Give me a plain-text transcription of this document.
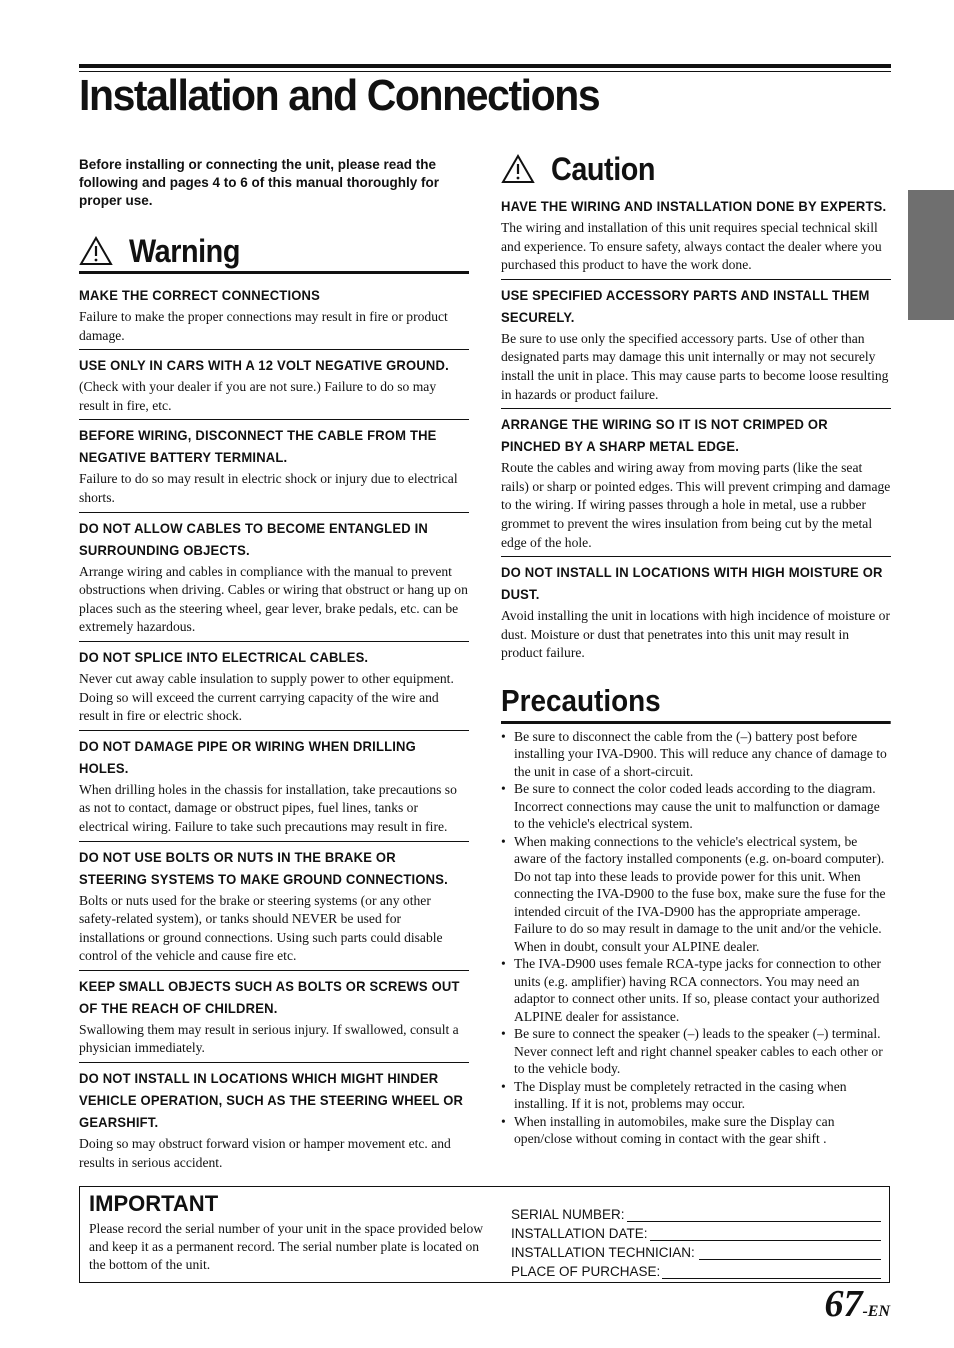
Installation and Connections

Before installing or connecting the unit, please read the following and pages 4 to 6 of this manual thoroughly for proper use.

Warning
MAKE THE CORRECT CONNECTIONS

Failure to make the proper connections may result in fire or product damage.

USE ONLY IN CARS WITH A 12 VOLT NEGATIVE GROUND.

(Check with your dealer if you are not sure.) Failure to do so may result in fire, etc.

BEFORE WIRING, DISCONNECT THE CABLE FROM THE NEGATIVE BATTERY TERMINAL.

Failure to do so may result in electric shock or injury due to electrical shorts.

DO NOT ALLOW CABLES TO BECOME ENTANGLED IN SURROUNDING OBJECTS.

Arrange wiring and cables in compliance with the manual to prevent obstructions when driving. Cables or wiring that obstruct or hang up on places such as the steering wheel, gear lever, brake pedals, etc. can be extremely hazardous.

DO NOT SPLICE INTO ELECTRICAL CABLES.

Never cut away cable insulation to supply power to other equipment. Doing so will exceed the current carrying capacity of the wire and result in fire or electric shock.

DO NOT DAMAGE PIPE OR WIRING WHEN DRILLING HOLES.

When drilling holes in the chassis for installation, take precautions so as not to contact, damage or obstruct pipes, fuel lines, tanks or electrical wiring. Failure to take such precautions may result in fire.

DO NOT USE BOLTS OR NUTS IN THE BRAKE OR STEERING SYSTEMS TO MAKE GROUND CONNECTIONS.

Bolts or nuts used for the brake or steering systems (or any other safety-related system), or tanks should NEVER be used for installations or ground connections. Using such parts could disable control of the vehicle and cause fire etc.

KEEP SMALL OBJECTS SUCH AS BOLTS OR SCREWS OUT OF THE REACH OF CHILDREN.

Swallowing them may result in serious injury. If swallowed, consult a physician immediately.

DO NOT INSTALL IN LOCATIONS WHICH MIGHT HINDER VEHICLE OPERATION, SUCH AS THE STEERING WHEEL OR GEARSHIFT.

Doing so may obstruct forward vision or hamper movement etc. and results in serious accident.

Caution
HAVE THE WIRING AND INSTALLATION DONE BY EXPERTS.

The wiring and installation of this unit requires special technical skill and experience. To ensure safety, always contact the dealer where you purchased this product to have the work done.

USE SPECIFIED ACCESSORY PARTS AND INSTALL THEM SECURELY.

Be sure to use only the specified accessory parts. Use of other than designated parts may damage this unit internally or may not securely install the unit in place. This may cause parts to become loose resulting in hazards or product failure.

ARRANGE THE WIRING SO IT IS NOT CRIMPED OR PINCHED BY A SHARP METAL EDGE.

Route the cables and wiring away from moving parts (like the seat rails) or sharp or pointed edges. This will prevent crimping and damage to the wiring. If wiring passes through a hole in metal, use a rubber grommet to prevent the wires insulation from being cut by the metal edge of the hole.

DO NOT INSTALL IN LOCATIONS WITH HIGH MOISTURE OR DUST.

Avoid installing the unit in locations with high incidence of moisture or dust. Moisture or dust that penetrates into this unit may result in product failure.

Precautions
• Be sure to disconnect the cable from the (–) battery post before installing your IVA-D900. This will reduce any chance of damage to the unit in case of a short-circuit.
• Be sure to connect the color coded leads according to the diagram. Incorrect connections may cause the unit to malfunction or damage to the vehicle's electrical system.
• When making connections to the vehicle's electrical system, be aware of the factory installed components (e.g. on-board computer). Do not tap into these leads to provide power for this unit. When connecting the IVA-D900 to the fuse box, make sure the fuse for the intended circuit of the IVA-D900 has the appropriate amperage. Failure to do so may result in damage to the unit and/or the vehicle. When in doubt, consult your ALPINE dealer.
• The IVA-D900 uses female RCA-type jacks for connection to other units (e.g. amplifier) having RCA connectors. You may need an adaptor to connect other units. If so, please contact your authorized ALPINE dealer for assistance.
• Be sure to connect the speaker (–) leads to the speaker (–) terminal. Never connect left and right channel speaker cables to each other or to the vehicle body.
• The Display must be completely retracted in the casing when installing. If it is not, problems may occur.
• When installing in automobiles, make sure the Display can open/close without coming in contact with the gear shift .
IMPORTANT

Please record the serial number of your unit in the space provided below and keep it as a permanent record. The serial number plate is located on the bottom of the unit.

SERIAL NUMBER:
INSTALLATION DATE:
INSTALLATION TECHNICIAN:
PLACE OF PURCHASE:
67-EN
